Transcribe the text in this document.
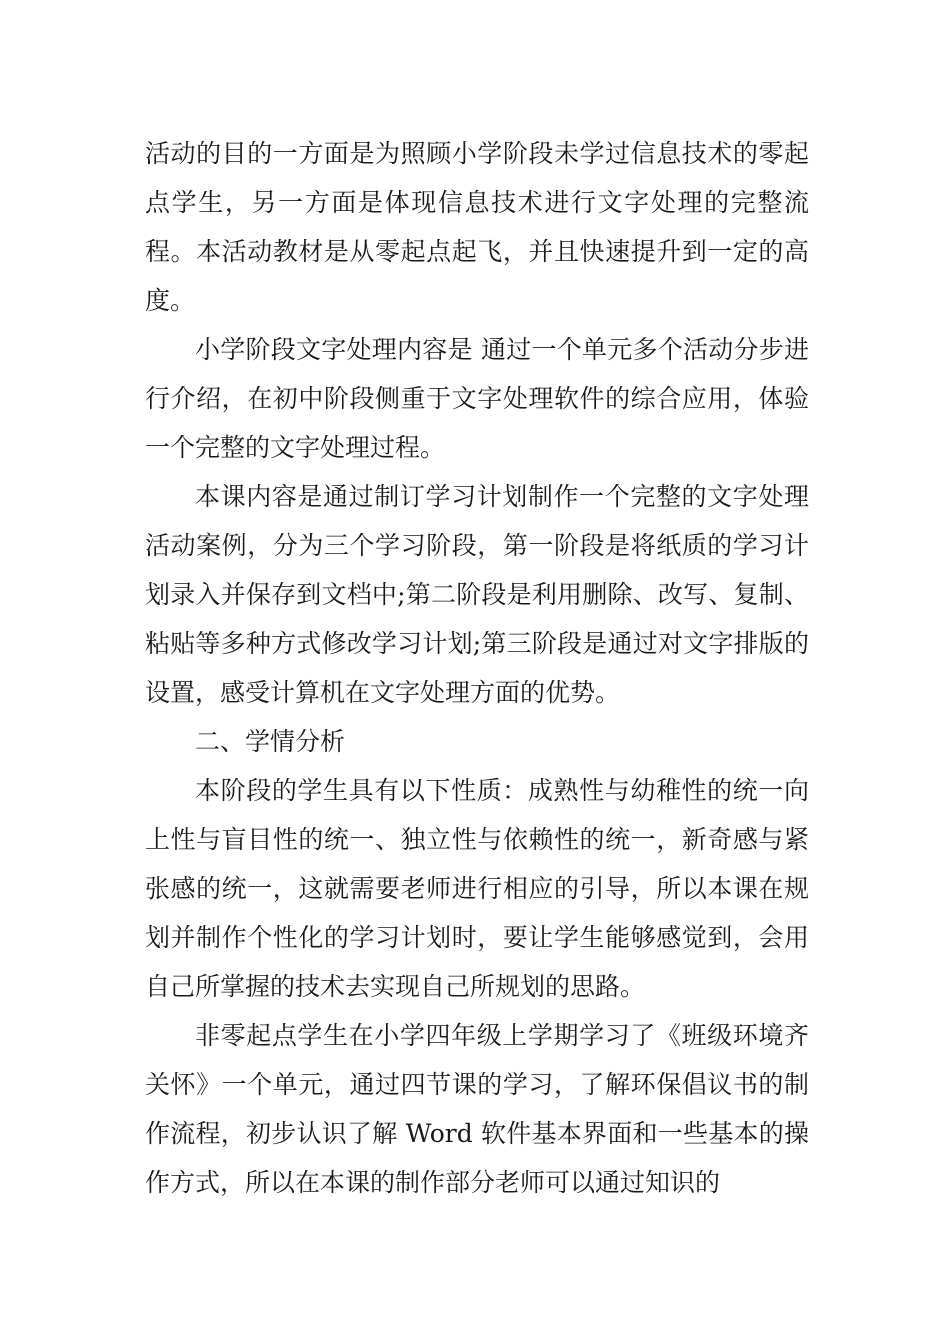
活动的目的一方面是为照顾小学阶段未学过信息技术的零起点学生，另一方面是体现信息技术进行文字处理的完整流程。本活动教材是从零起点起飞，并且快速提升到一定的高度。

小学阶段文字处理内容是 通过一个单元多个活动分步进行介绍，在初中阶段侧重于文字处理软件的综合应用，体验一个完整的文字处理过程。

本课内容是通过制订学习计划制作一个完整的文字处理活动案例，分为三个学习阶段，第一阶段是将纸质的学习计划录入并保存到文档中;第二阶段是利用删除、改写、复制、粘贴等多种方式修改学习计划;第三阶段是通过对文字排版的设置，感受计算机在文字处理方面的优势。

二、学情分析

本阶段的学生具有以下性质：成熟性与幼稚性的统一向上性与盲目性的统一、独立性与依赖性的统一，新奇感与紧张感的统一，这就需要老师进行相应的引导，所以本课在规划并制作个性化的学习计划时，要让学生能够感觉到，会用自己所掌握的技术去实现自己所规划的思路。

非零起点学生在小学四年级上学期学习了《班级环境齐关怀》一个单元，通过四节课的学习，了解环保倡议书的制作流程，初步认识了解 Word 软件基本界面和一些基本的操作方式，所以在本课的制作部分老师可以通过知识的
